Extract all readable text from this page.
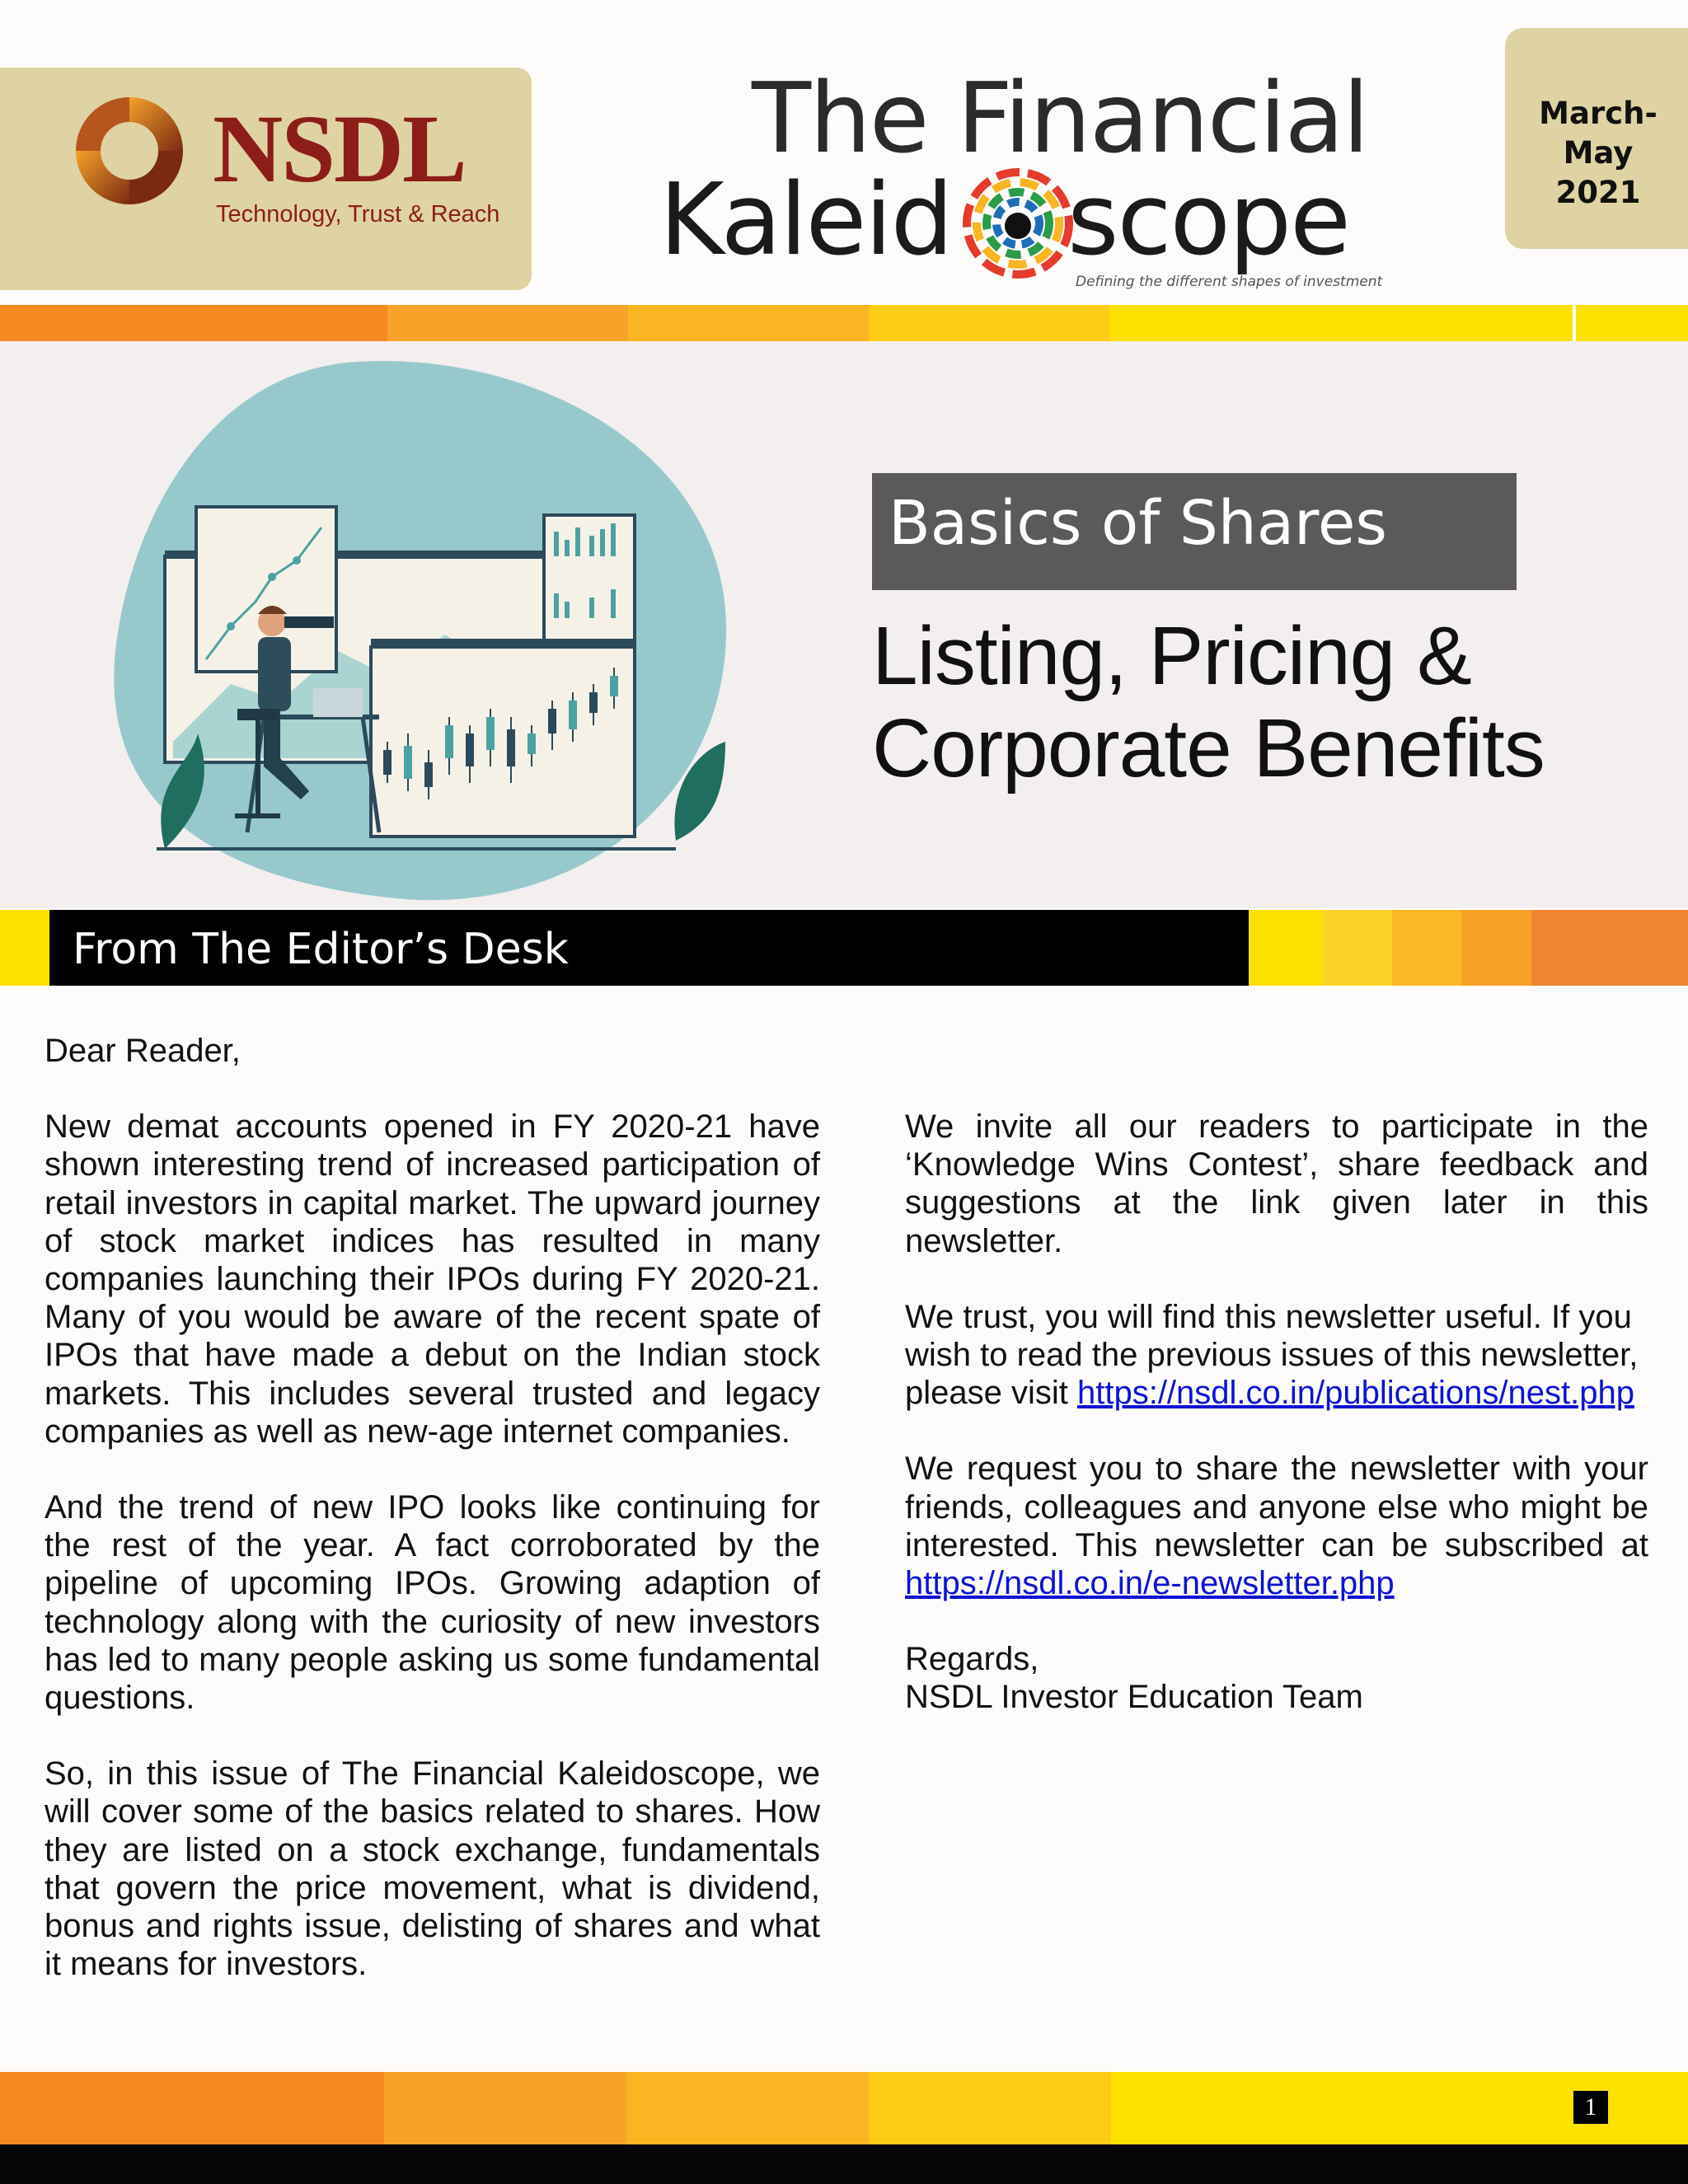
NSDL
Technology, Trust & Reach
The Financial
Kaleid scope
Defining the different shapes of investment
March-
May
2021
Basics of Shares
Listing, Pricing &
Corporate Benefits
From The Editor’s Desk

Dear Reader,

New demat accounts opened in FY 2020-21 have shown interesting trend of increased participation of retail investors in capital market. The upward journey of stock market indices has resulted in many companies launching their IPOs during FY 2020-21. Many of you would be aware of the recent spate of IPOs that have made a debut on the Indian stock markets. This includes several trusted and legacy companies as well as new-age internet companies.

And the trend of new IPO looks like continuing for the rest of the year. A fact corroborated by the pipeline of upcoming IPOs. Growing adaption of technology along with the curiosity of new investors has led to many people asking us some fundamental questions.

So, in this issue of The Financial Kaleidoscope, we will cover some of the basics related to shares. How they are listed on a stock exchange, fundamentals that govern the price movement, what is dividend, bonus and rights issue, delisting of shares and what it means for investors.

We invite all our readers to participate in the ‘Knowledge Wins Contest’, share feedback and suggestions at the link given later in this newsletter.

We trust, you will find this newsletter useful. If you wish to read the previous issues of this newsletter, please visit https://nsdl.co.in/publications/nest.php

We request you to share the newsletter with your friends, colleagues and anyone else who might be interested. This newsletter can be subscribed at https://nsdl.co.in/e-newsletter.php

Regards,

NSDL Investor Education Team

1
